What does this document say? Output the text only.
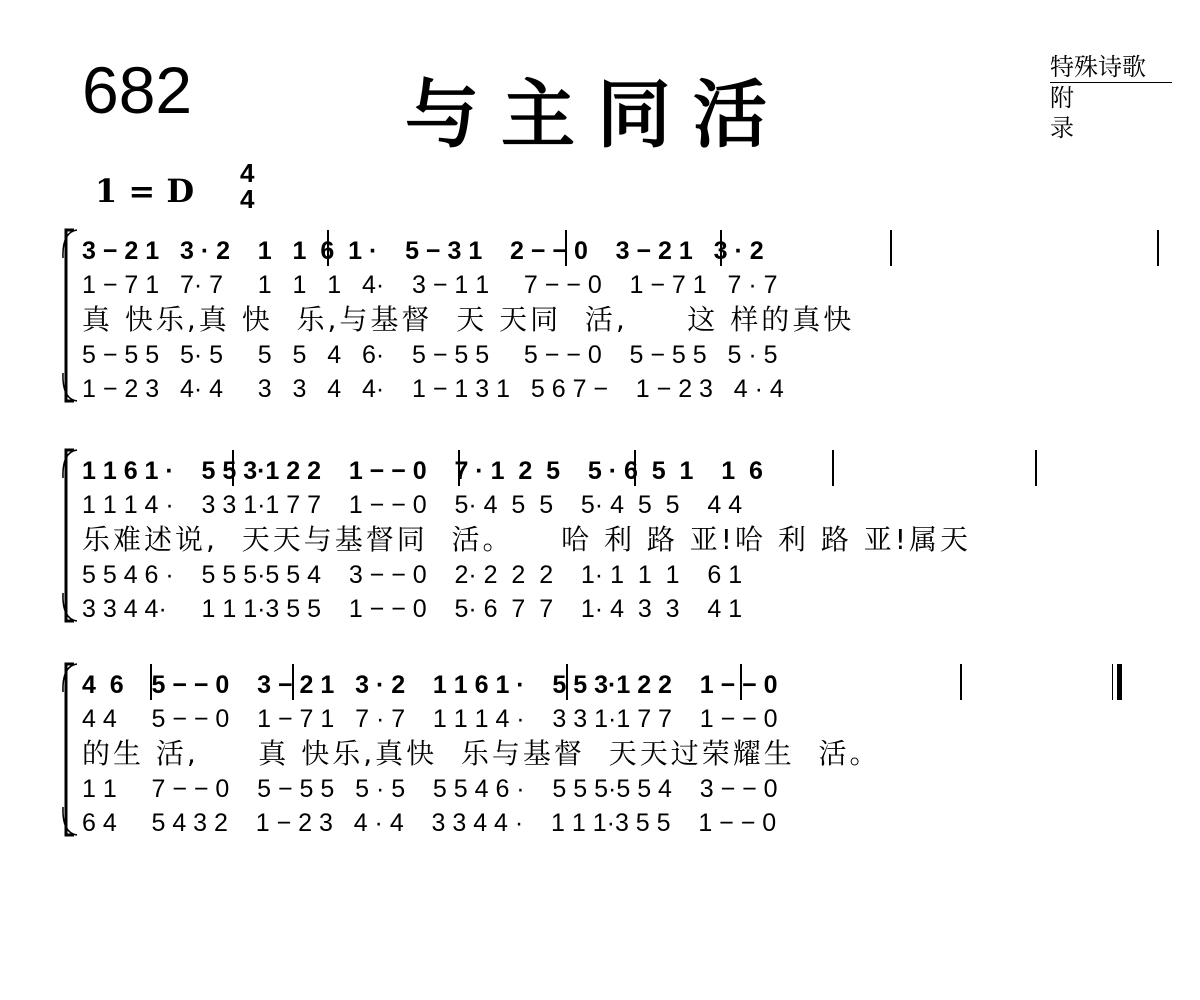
682	与主同活
特殊诗歌
附录
1 = D 4
4
3 − 2 1   3 · 2    1   1  6  1 ·    5 − 3 1    2 − − 0    3 − 2 1   3 · 2
1 − 7 1   7· 7     1   1   1   4·    3 − 1 1     7 − − 0    1 − 7 1   7 · 7
真 快乐,真 快  乐,与基督  天 天同  活,     这 样的真快
5 − 5 5   5· 5     5   5   4   6·    5 − 5 5     5 − − 0    5 − 5 5   5 · 5
1 − 2 3   4· 4     3   3   4   4·    1 − 1 3 1   5 6 7 −    1 − 2 3   4 · 4
1 1 6 1 ·    5 5 3·1 2 2    1 − − 0    7 · 1  2  5    5 · 6  5  1    1  6
1 1 1 4 ·    3 3 1·1 7 7    1 − − 0    5· 4  5  5    5· 4  5  5    4 4
乐难述说,  天天与基督同  活。    哈 利 路 亚!哈 利 路 亚!属天
5 5 4 6 ·    5 5 5·5 5 4    3 − − 0    2· 2  2  2    1· 1  1  1    6 1
3 3 4 4·     1 1 1·3 5 5    1 − − 0    5· 6  7  7    1· 4  3  3    4 1
4  6    5 − − 0    3 − 2 1   3 · 2    1 1 6 1 ·    5 5 3·1 2 2    1 − − 0
4 4     5 − − 0    1 − 7 1   7 · 7    1 1 1 4 ·    3 3 1·1 7 7    1 − − 0
的生 活,     真 快乐,真快  乐与基督  天天过荣耀生  活。
1 1     7 − − 0    5 − 5 5   5 · 5    5 5 4 6 ·    5 5 5·5 5 4    3 − − 0
6 4     5 4 3 2    1 − 2 3   4 · 4    3 3 4 4 ·    1 1 1·3 5 5    1 − − 0
